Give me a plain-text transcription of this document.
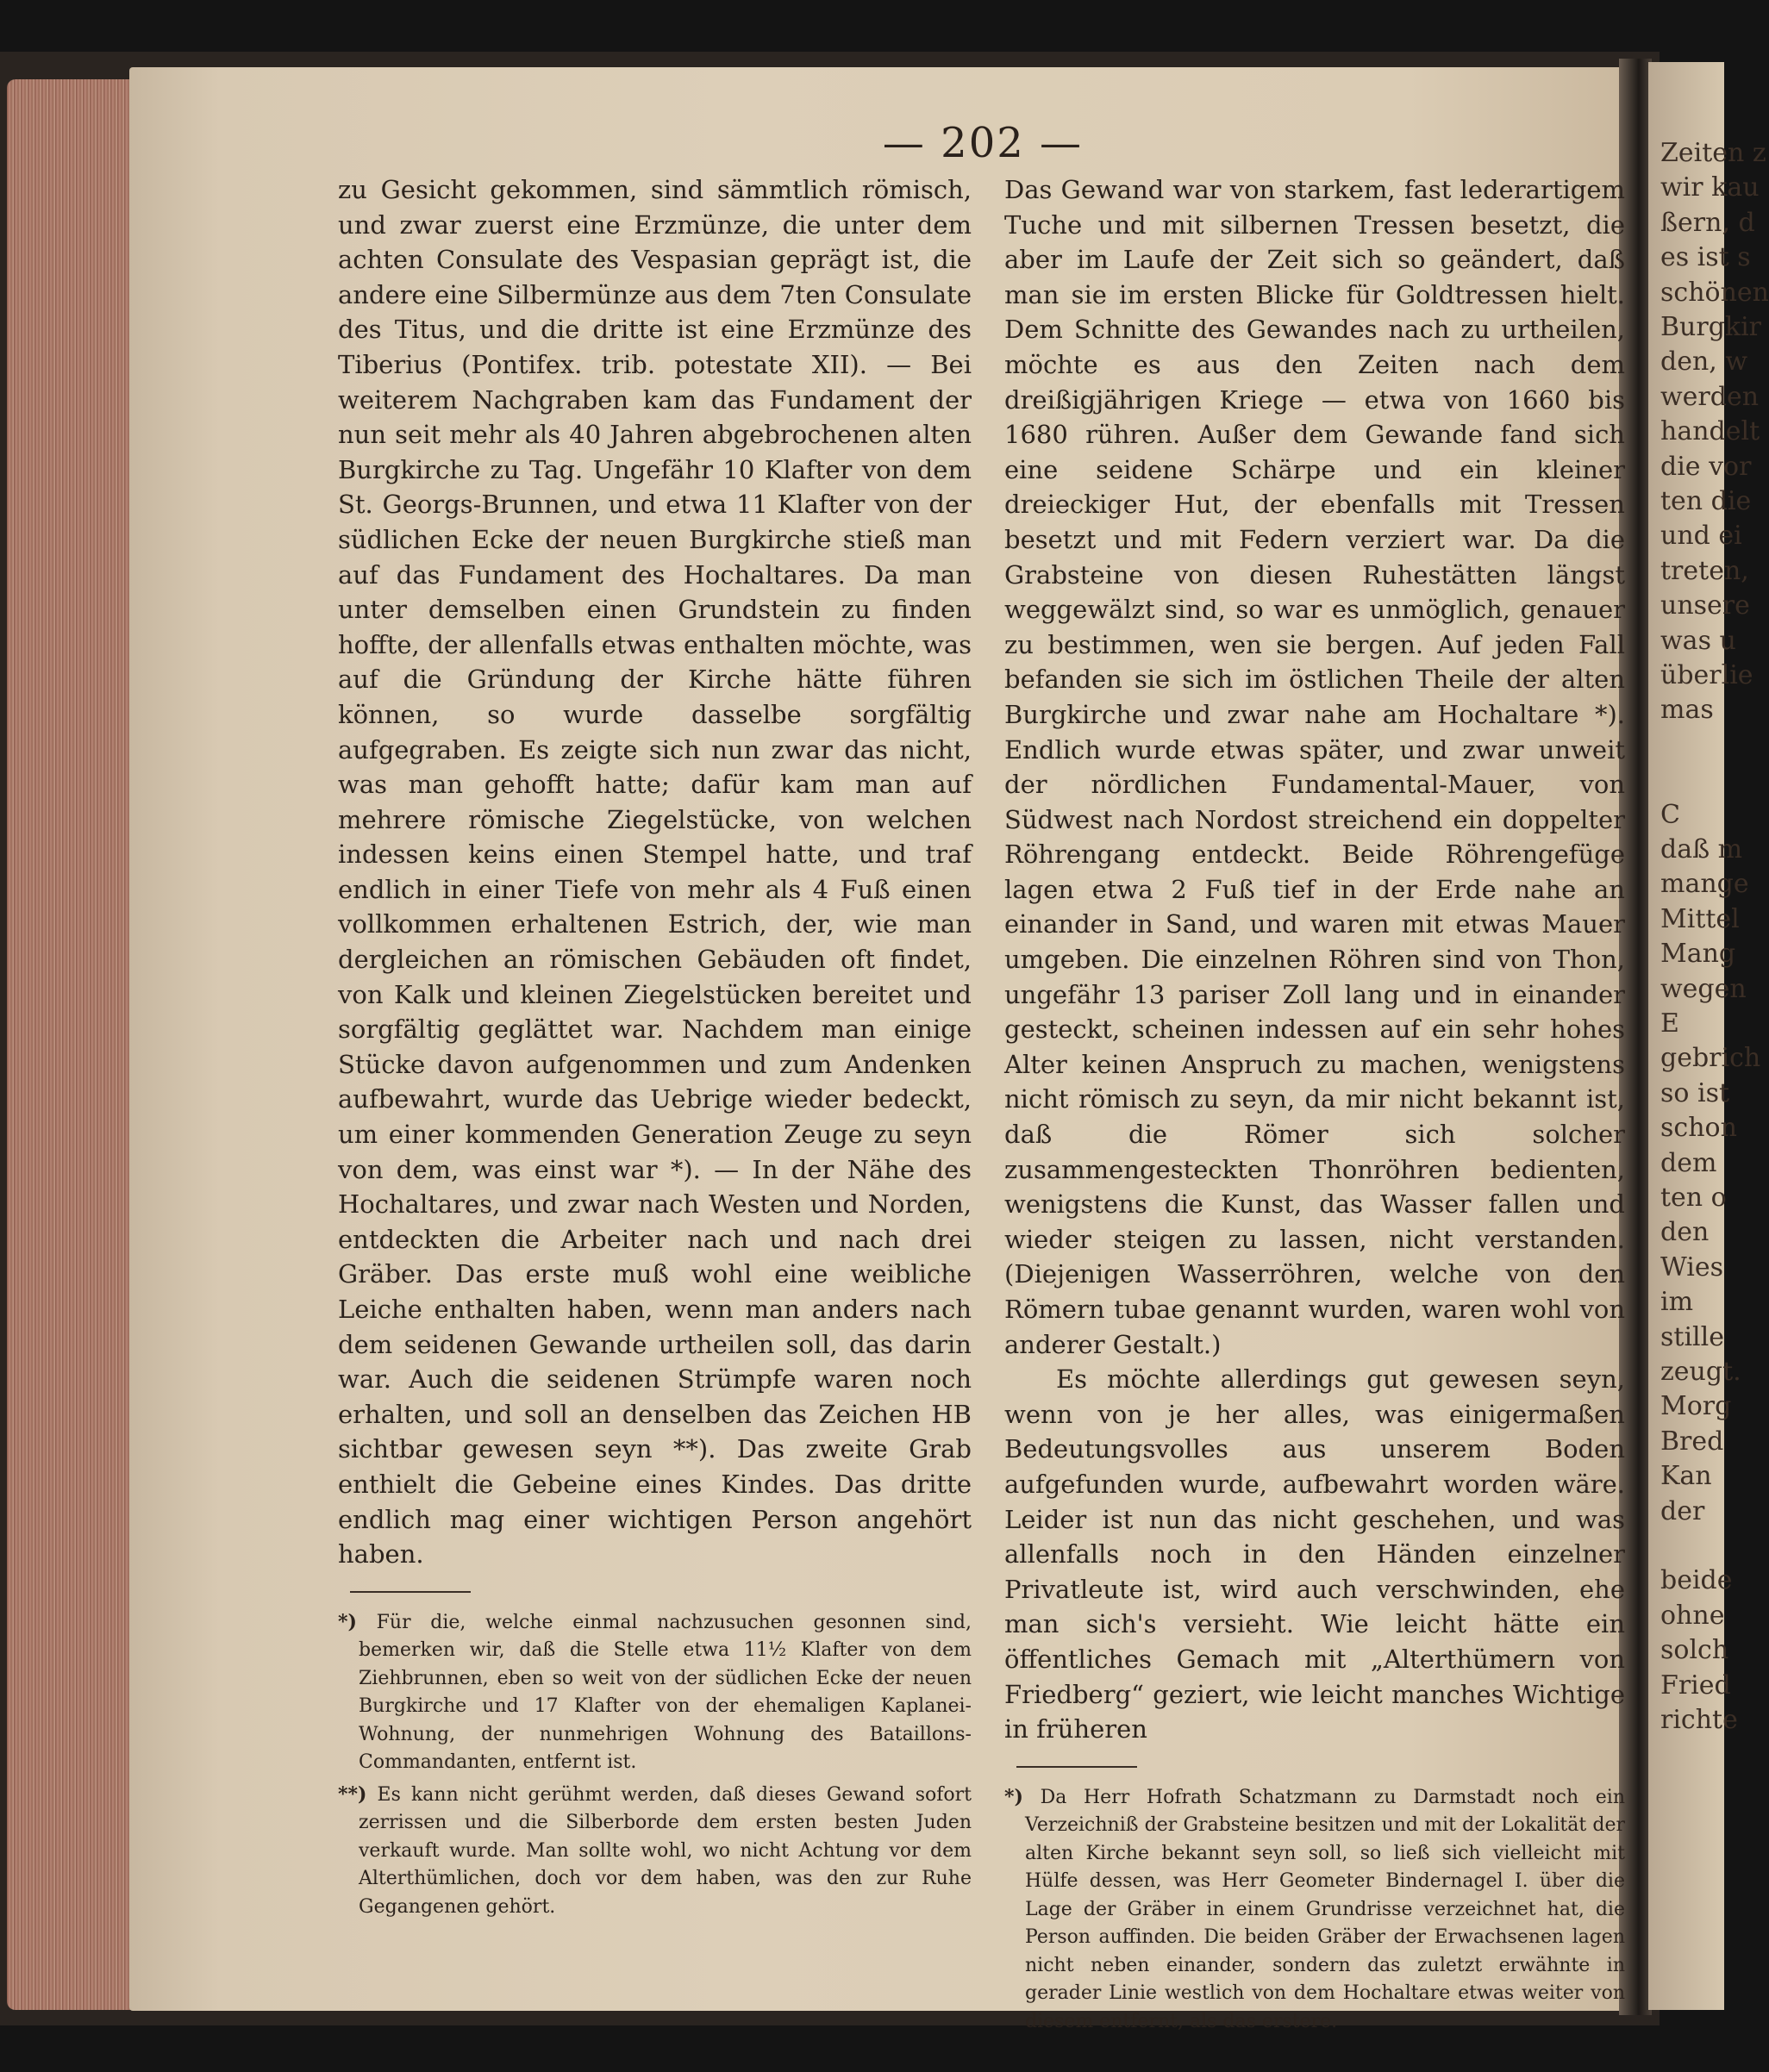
Zeiten z
wir kau
ßern, d
es ist s
schönen
Burgkir
den, w
werden
handelt
die vor
ten die
und ei
treten,
unsere
was u
überlie
mas
C
daß m
mange
Mittel
Mang
wegen
E
gebrich
so ist
schon
dem
ten o
den
Wies
im
stille
zeugt.
Morg
Bred
Kan
der
beide
ohne
solch
Fried
richte
— 202 —

zu Gesicht gekommen, sind sämmtlich römisch, und zwar zuerst eine Erzmünze, die unter dem achten Consulate des Vespasian geprägt ist, die andere eine Silbermünze aus dem 7ten Consulate des Titus, und die dritte ist eine Erzmünze des Tiberius (Pontifex. trib. potestate XII). — Bei weiterem Nachgraben kam das Fundament der nun seit mehr als 40 Jahren abgebrochenen alten Burgkirche zu Tag. Ungefähr 10 Klafter von dem St. Georgs-Brunnen, und etwa 11 Klafter von der südlichen Ecke der neuen Burgkirche stieß man auf das Fundament des Hochaltares. Da man unter demselben einen Grundstein zu finden hoffte, der allenfalls etwas enthalten möchte, was auf die Gründung der Kirche hätte führen können, so wurde dasselbe sorgfältig aufgegraben. Es zeigte sich nun zwar das nicht, was man gehofft hatte; dafür kam man auf mehrere römische Ziegelstücke, von welchen indessen keins einen Stempel hatte, und traf endlich in einer Tiefe von mehr als 4 Fuß einen vollkommen erhaltenen Estrich, der, wie man dergleichen an römischen Gebäuden oft findet, von Kalk und kleinen Ziegelstücken bereitet und sorgfältig geglättet war. Nachdem man einige Stücke davon aufgenommen und zum Andenken aufbewahrt, wurde das Uebrige wieder bedeckt, um einer kommenden Generation Zeuge zu seyn von dem, was einst war *). — In der Nähe des Hochaltares, und zwar nach Westen und Norden, entdeckten die Arbeiter nach und nach drei Gräber. Das erste muß wohl eine weibliche Leiche enthalten haben, wenn man anders nach dem seidenen Gewande urtheilen soll, das darin war. Auch die seidenen Strümpfe waren noch erhalten, und soll an denselben das Zeichen HB sichtbar gewesen seyn **). Das zweite Grab enthielt die Gebeine eines Kindes. Das dritte endlich mag einer wichtigen Person angehört haben.

*) Für die, welche einmal nachzusuchen gesonnen sind, bemerken wir, daß die Stelle etwa 11½ Klafter von dem Ziehbrunnen, eben so weit von der südlichen Ecke der neuen Burgkirche und 17 Klafter von der ehemaligen Kaplanei-Wohnung, der nunmehrigen Wohnung des Bataillons-Commandanten, entfernt ist.

**) Es kann nicht gerühmt werden, daß dieses Gewand sofort zerrissen und die Silberborde dem ersten besten Juden verkauft wurde. Man sollte wohl, wo nicht Achtung vor dem Alterthümlichen, doch vor dem haben, was den zur Ruhe Gegangenen gehört.

Das Gewand war von starkem, fast lederartigem Tuche und mit silbernen Tressen besetzt, die aber im Laufe der Zeit sich so geändert, daß man sie im ersten Blicke für Goldtressen hielt. Dem Schnitte des Gewandes nach zu urtheilen, möchte es aus den Zeiten nach dem dreißigjährigen Kriege — etwa von 1660 bis 1680 rühren. Außer dem Gewande fand sich eine seidene Schärpe und ein kleiner dreieckiger Hut, der ebenfalls mit Tressen besetzt und mit Federn verziert war. Da die Grabsteine von diesen Ruhestätten längst weggewälzt sind, so war es unmöglich, genauer zu bestimmen, wen sie bergen. Auf jeden Fall befanden sie sich im östlichen Theile der alten Burgkirche und zwar nahe am Hochaltare *). Endlich wurde etwas später, und zwar unweit der nördlichen Fundamental-Mauer, von Südwest nach Nordost streichend ein doppelter Röhrengang entdeckt. Beide Röhrengefüge lagen etwa 2 Fuß tief in der Erde nahe an einander in Sand, und waren mit etwas Mauer umgeben. Die einzelnen Röhren sind von Thon, ungefähr 13 pariser Zoll lang und in einander gesteckt, scheinen indessen auf ein sehr hohes Alter keinen Anspruch zu machen, wenigstens nicht römisch zu seyn, da mir nicht bekannt ist, daß die Römer sich solcher zusammengesteckten Thonröhren bedienten, wenigstens die Kunst, das Wasser fallen und wieder steigen zu lassen, nicht verstanden. (Diejenigen Wasserröhren, welche von den Römern tubae genannt wurden, waren wohl von anderer Gestalt.)

Es möchte allerdings gut gewesen seyn, wenn von je her alles, was einigermaßen Bedeutungsvolles aus unserem Boden aufgefunden wurde, aufbewahrt worden wäre. Leider ist nun das nicht geschehen, und was allenfalls noch in den Händen einzelner Privatleute ist, wird auch verschwinden, ehe man sich's versieht. Wie leicht hätte ein öffentliches Gemach mit „Alterthümern von Friedberg“ geziert, wie leicht manches Wichtige in früheren

*) Da Herr Hofrath Schatzmann zu Darmstadt noch ein Verzeichniß der Grabsteine besitzen und mit der Lokalität der alten Kirche bekannt seyn soll, so ließ sich vielleicht mit Hülfe dessen, was Herr Geometer Bindernagel I. über die Lage der Gräber in einem Grundrisse verzeichnet hat, die Person auffinden. Die beiden Gräber der Erwachsenen lagen nicht neben einander, sondern das zuletzt erwähnte in gerader Linie westlich von dem Hochaltare etwas weiter von diesem entfernt, als das erstere.
